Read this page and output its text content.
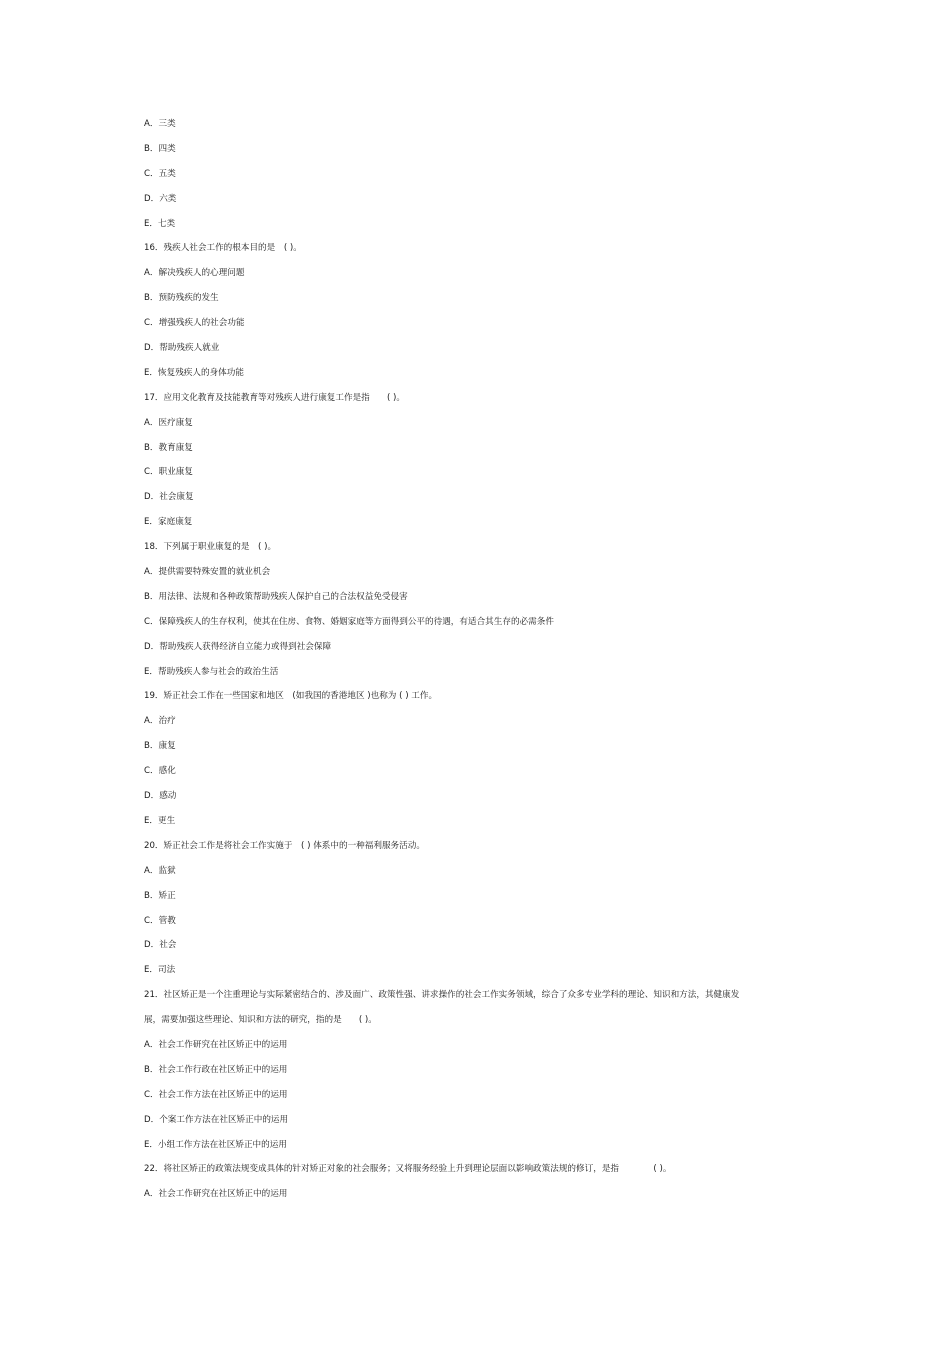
A．三类
B．四类
C．五类
D．六类
E．七类
16．残疾人社会工作的根本目的是　( )。
A．解决残疾人的心理问题
B．预防残疾的发生
C．增强残疾人的社会功能
D．帮助残疾人就业
E．恢复残疾人的身体功能
17．应用文化教育及技能教育等对残疾人进行康复工作是指　　( )。
A．医疗康复
B．教育康复
C．职业康复
D．社会康复
E．家庭康复
18．下列属于职业康复的是　( )。
A．提供需要特殊安置的就业机会
B．用法律、法规和各种政策帮助残疾人保护自己的合法权益免受侵害
C．保障残疾人的生存权利，使其在住房、食物、婚姻家庭等方面得到公平的待遇，有适合其生存的必需条件
D．帮助残疾人获得经济自立能力或得到社会保障
E．帮助残疾人参与社会的政治生活
19．矫正社会工作在一些国家和地区　(如我国的香港地区 )也称为 ( ) 工作。
A．治疗
B．康复
C．感化
D．感动
E．更生
20．矫正社会工作是将社会工作实施于　( ) 体系中的一种福利服务活动。
A．监狱
B．矫正
C．管教
D．社会
E．司法
21．社区矫正是一个注重理论与实际紧密结合的、涉及面广、政策性强、讲求操作的社会工作实务领域，综合了众多专业学科的理论、知识和方法，其健康发
展，需要加强这些理论、知识和方法的研究，指的是　　( )。
A．社会工作研究在社区矫正中的运用
B．社会工作行政在社区矫正中的运用
C．社会工作方法在社区矫正中的运用
D．个案工作方法在社区矫正中的运用
E．小组工作方法在社区矫正中的运用
22．将社区矫正的政策法规变成具体的针对矫正对象的社会服务；又将服务经验上升到理论层面以影响政策法规的修订，是指　　　　( )。
A．社会工作研究在社区矫正中的运用
